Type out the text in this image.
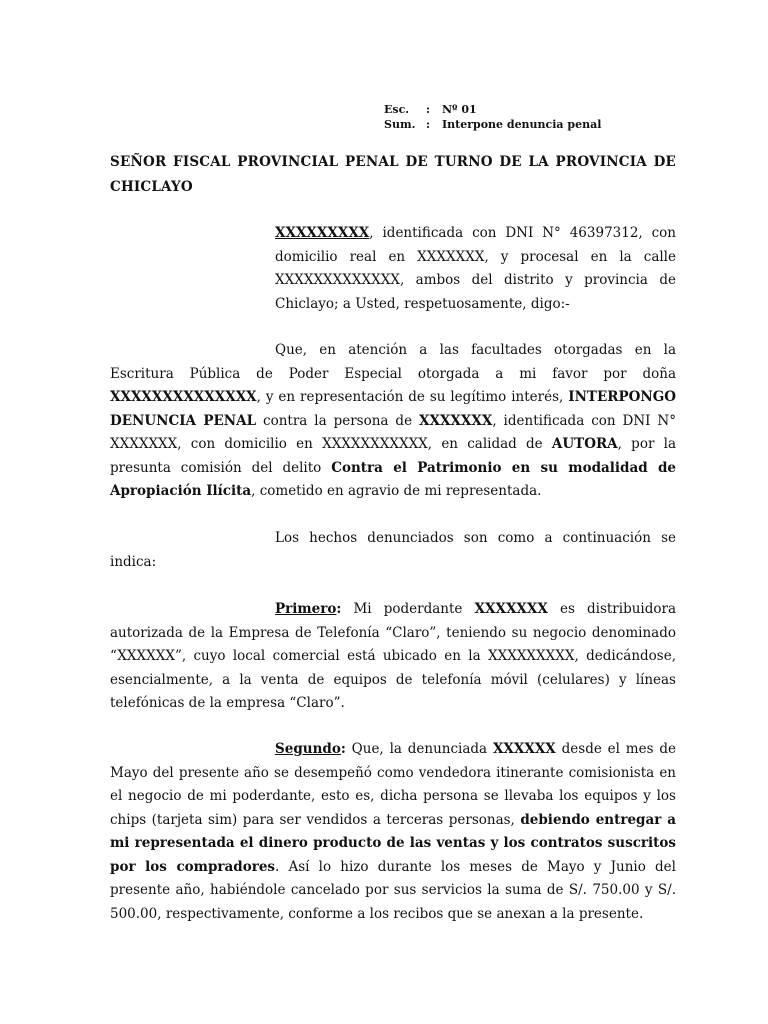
Esc.	:	Nº 01
Sum. :	Interpone denuncia penal
SEÑOR FISCAL PROVINCIAL PENAL DE TURNO DE LA PROVINCIA DE CHICLAYO
XXXXXXXXX, identificada con DNI N° 46397312, con domicilio real en XXXXXXX, y procesal en la calle XXXXXXXXXXXXX, ambos del distrito y provincia de Chiclayo; a Usted, respetuosamente, digo:-
Que, en atención a las facultades otorgadas en la Escritura Pública de Poder Especial otorgada a mi favor por doña XXXXXXXXXXXXXX, y en representación de su legítimo interés, INTERPONGO DENUNCIA PENAL contra la persona de XXXXXXX, identificada con DNI N° XXXXXXX, con domicilio en XXXXXXXXXXX, en calidad de AUTORA, por la presunta comisión del delito Contra el Patrimonio en su modalidad de Apropiación Ilícita, cometido en agravio de mi representada.
Los hechos denunciados son como a continuación se indica:
Primero: Mi poderdante XXXXXXX es distribuidora autorizada de la Empresa de Telefonía “Claro”, teniendo su negocio denominado “XXXXXX”, cuyo local comercial está ubicado en la XXXXXXXXX, dedicándose, esencialmente, a la venta de equipos de telefonía móvil (celulares) y líneas telefónicas de la empresa “Claro”.
Segundo: Que, la denunciada XXXXXX desde el mes de Mayo del presente año se desempeñó como vendedora itinerante comisionista en el negocio de mi poderdante, esto es, dicha persona se llevaba los equipos y los chips (tarjeta sim) para ser vendidos a terceras personas, debiendo entregar a mi representada el dinero producto de las ventas y los contratos suscritos por los compradores. Así lo hizo durante los meses de Mayo y Junio del presente año, habiéndole cancelado por sus servicios la suma de S/. 750.00 y S/. 500.00, respectivamente, conforme a los recibos que se anexan a la presente.
